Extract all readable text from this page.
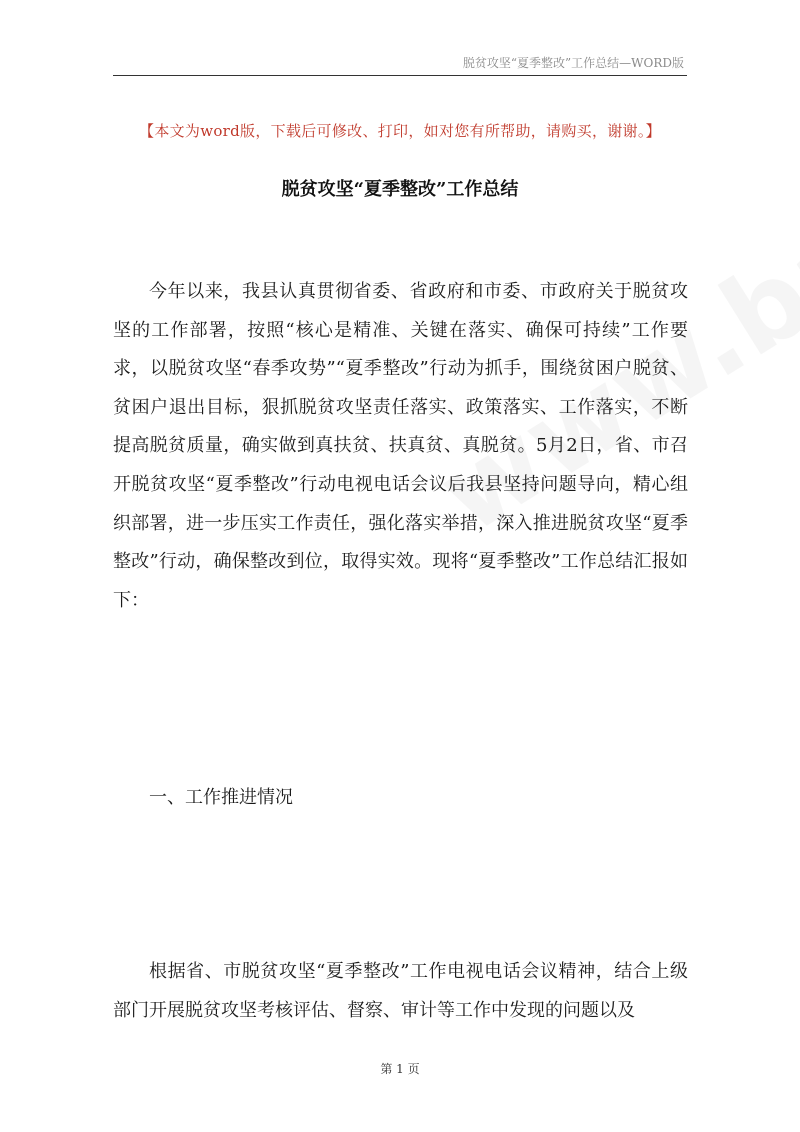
脱贫攻坚“夏季整改”工作总结—WORD版
【本文为word版，下载后可修改、打印，如对您有所帮助，请购买，谢谢。】
脱贫攻坚“夏季整改”工作总结

今年以来，我县认真贯彻省委、省政府和市委、市政府关于脱贫攻坚的工作部署，按照“核心是精准、关键在落实、确保可持续”工作要求，以脱贫攻坚“春季攻势”“夏季整改”行动为抓手，围绕贫困户脱贫、贫困户退出目标，狠抓脱贫攻坚责任落实、政策落实、工作落实，不断提高脱贫质量，确实做到真扶贫、扶真贫、真脱贫。5月2日，省、市召开脱贫攻坚“夏季整改”行动电视电话会议后我县坚持问题导向，精心组织部署，进一步压实工作责任，强化落实举措，深入推进脱贫攻坚“夏季整改”行动，确保整改到位，取得实效。现将“夏季整改”工作总结汇报如下：

一、工作推进情况

根据省、市脱贫攻坚“夏季整改”工作电视电话会议精神，结合上级部门开展脱贫攻坚考核评估、督察、审计等工作中发现的问题以及

第 1 页
